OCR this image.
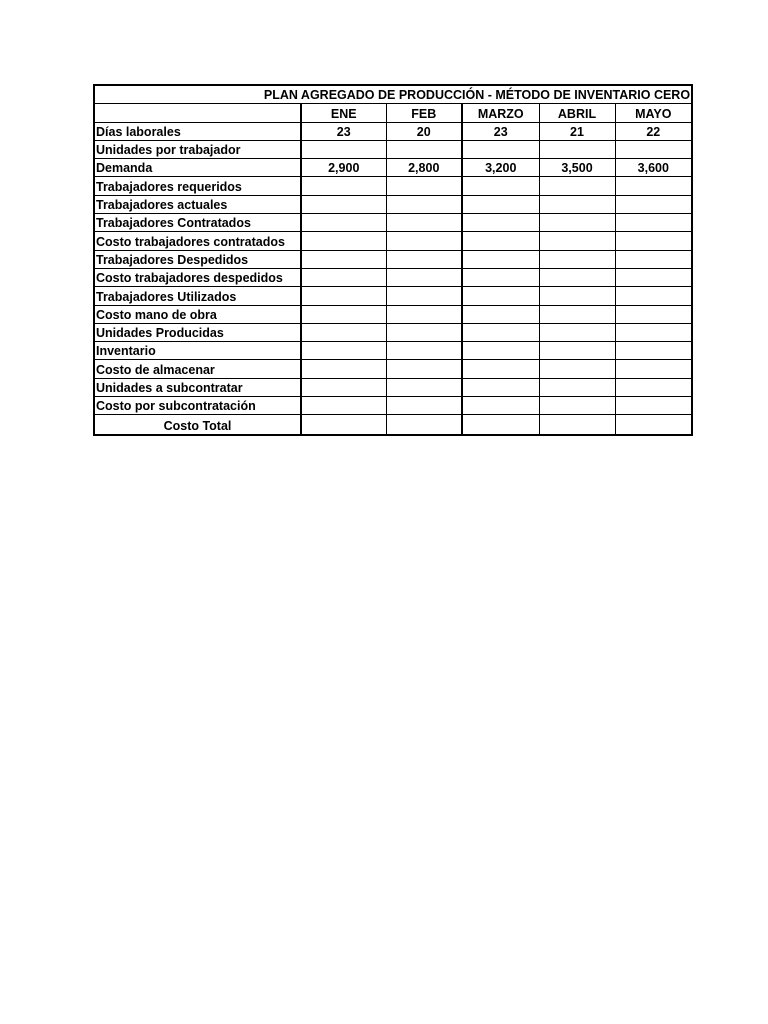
PLAN AGREGADO DE PRODUCCIÓN - MÉTODO DE INVENTARIO CERO					
	ENE	FEB	MARZO	ABRIL	MAYO
Días laborales	23	20	23	21	22
Unidades por trabajador					
Demanda	2,900	2,800	3,200	3,500	3,600
Trabajadores requeridos					
Trabajadores actuales					
Trabajadores Contratados					
Costo trabajadores contratados					
Trabajadores Despedidos					
Costo trabajadores despedidos					
Trabajadores Utilizados					
Costo mano de obra					
Unidades Producidas					
Inventario					
Costo de almacenar					
Unidades a subcontratar					
Costo por subcontratación					
Costo Total					
